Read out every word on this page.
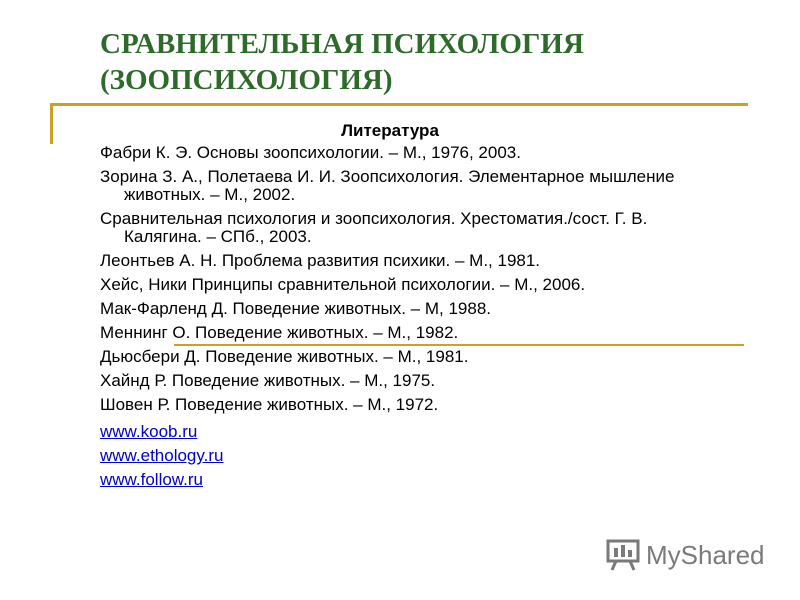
СРАВНИТЕЛЬНАЯ ПСИХОЛОГИЯ
(ЗООПСИХОЛОГИЯ)
Литература
Фабри К. Э. Основы зоопсихологии. – М., 1976, 2003.
Зорина З. А., Полетаева И. И. Зоопсихология. Элементарное мышление животных. – М., 2002.
Сравнительная психология и зоопсихология. Хрестоматия./сост. Г. В. Калягина. – СПб., 2003.
Леонтьев А. Н. Проблема развития психики. – М., 1981.
Хейс, Ники Принципы сравнительной психологии. – М., 2006.
Мак-Фарленд Д. Поведение животных. – М, 1988.
Меннинг О. Поведение животных. – М., 1982.
Дьюсбери Д. Поведение животных. – М., 1981.
Хайнд Р. Поведение животных. – М., 1975.
Шовен Р. Поведение животных. – М., 1972.
www.koob.ru
www.ethology.ru
www.follow.ru
MyShared
